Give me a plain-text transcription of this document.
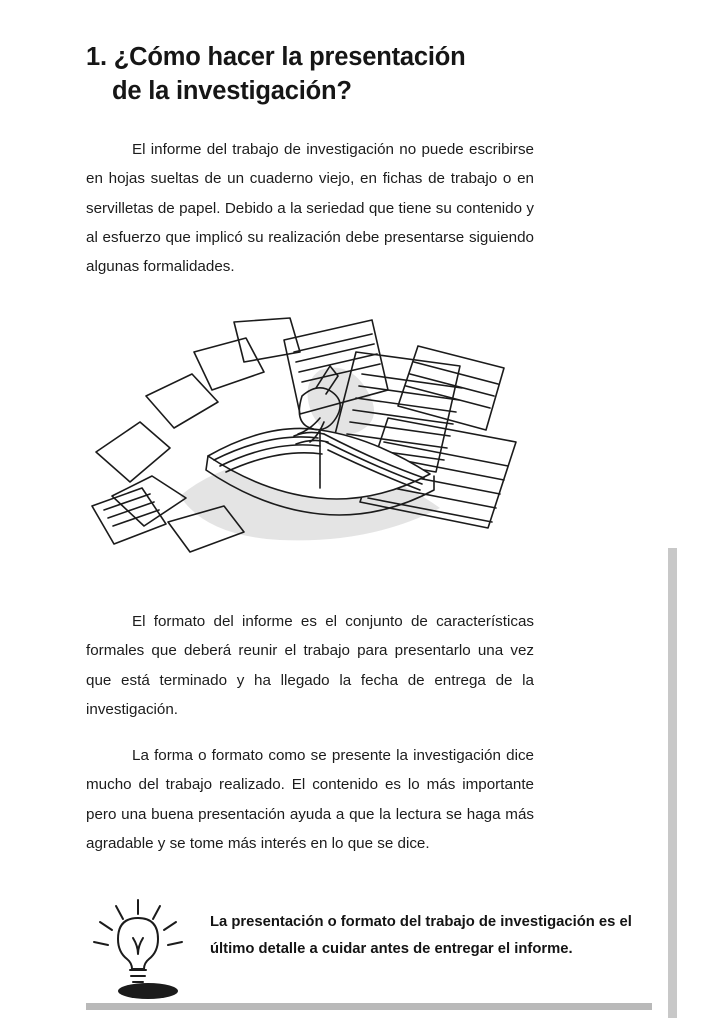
1. ¿Cómo hacer la presentación
de la investigación?

El informe del trabajo de investigación no puede escribirse en hojas sueltas de un cuaderno viejo, en fichas de trabajo o en servilletas de papel. Debido a la seriedad que tiene su contenido y al esfuerzo que implicó su realización debe presentarse siguiendo algunas formalidades.

El formato del informe es el conjunto de características formales que deberá reunir el trabajo para presentarlo una vez que está terminado y ha llegado la fecha de entrega de la investigación.

La forma o formato como se presente la investigación dice mucho del trabajo realizado. El contenido es lo más importante pero una buena presentación ayuda a que la lectura se haga más agradable y se tome más interés en lo que se dice.

La presentación o formato del trabajo de investigación es el último detalle a cuidar antes de entregar el informe.
